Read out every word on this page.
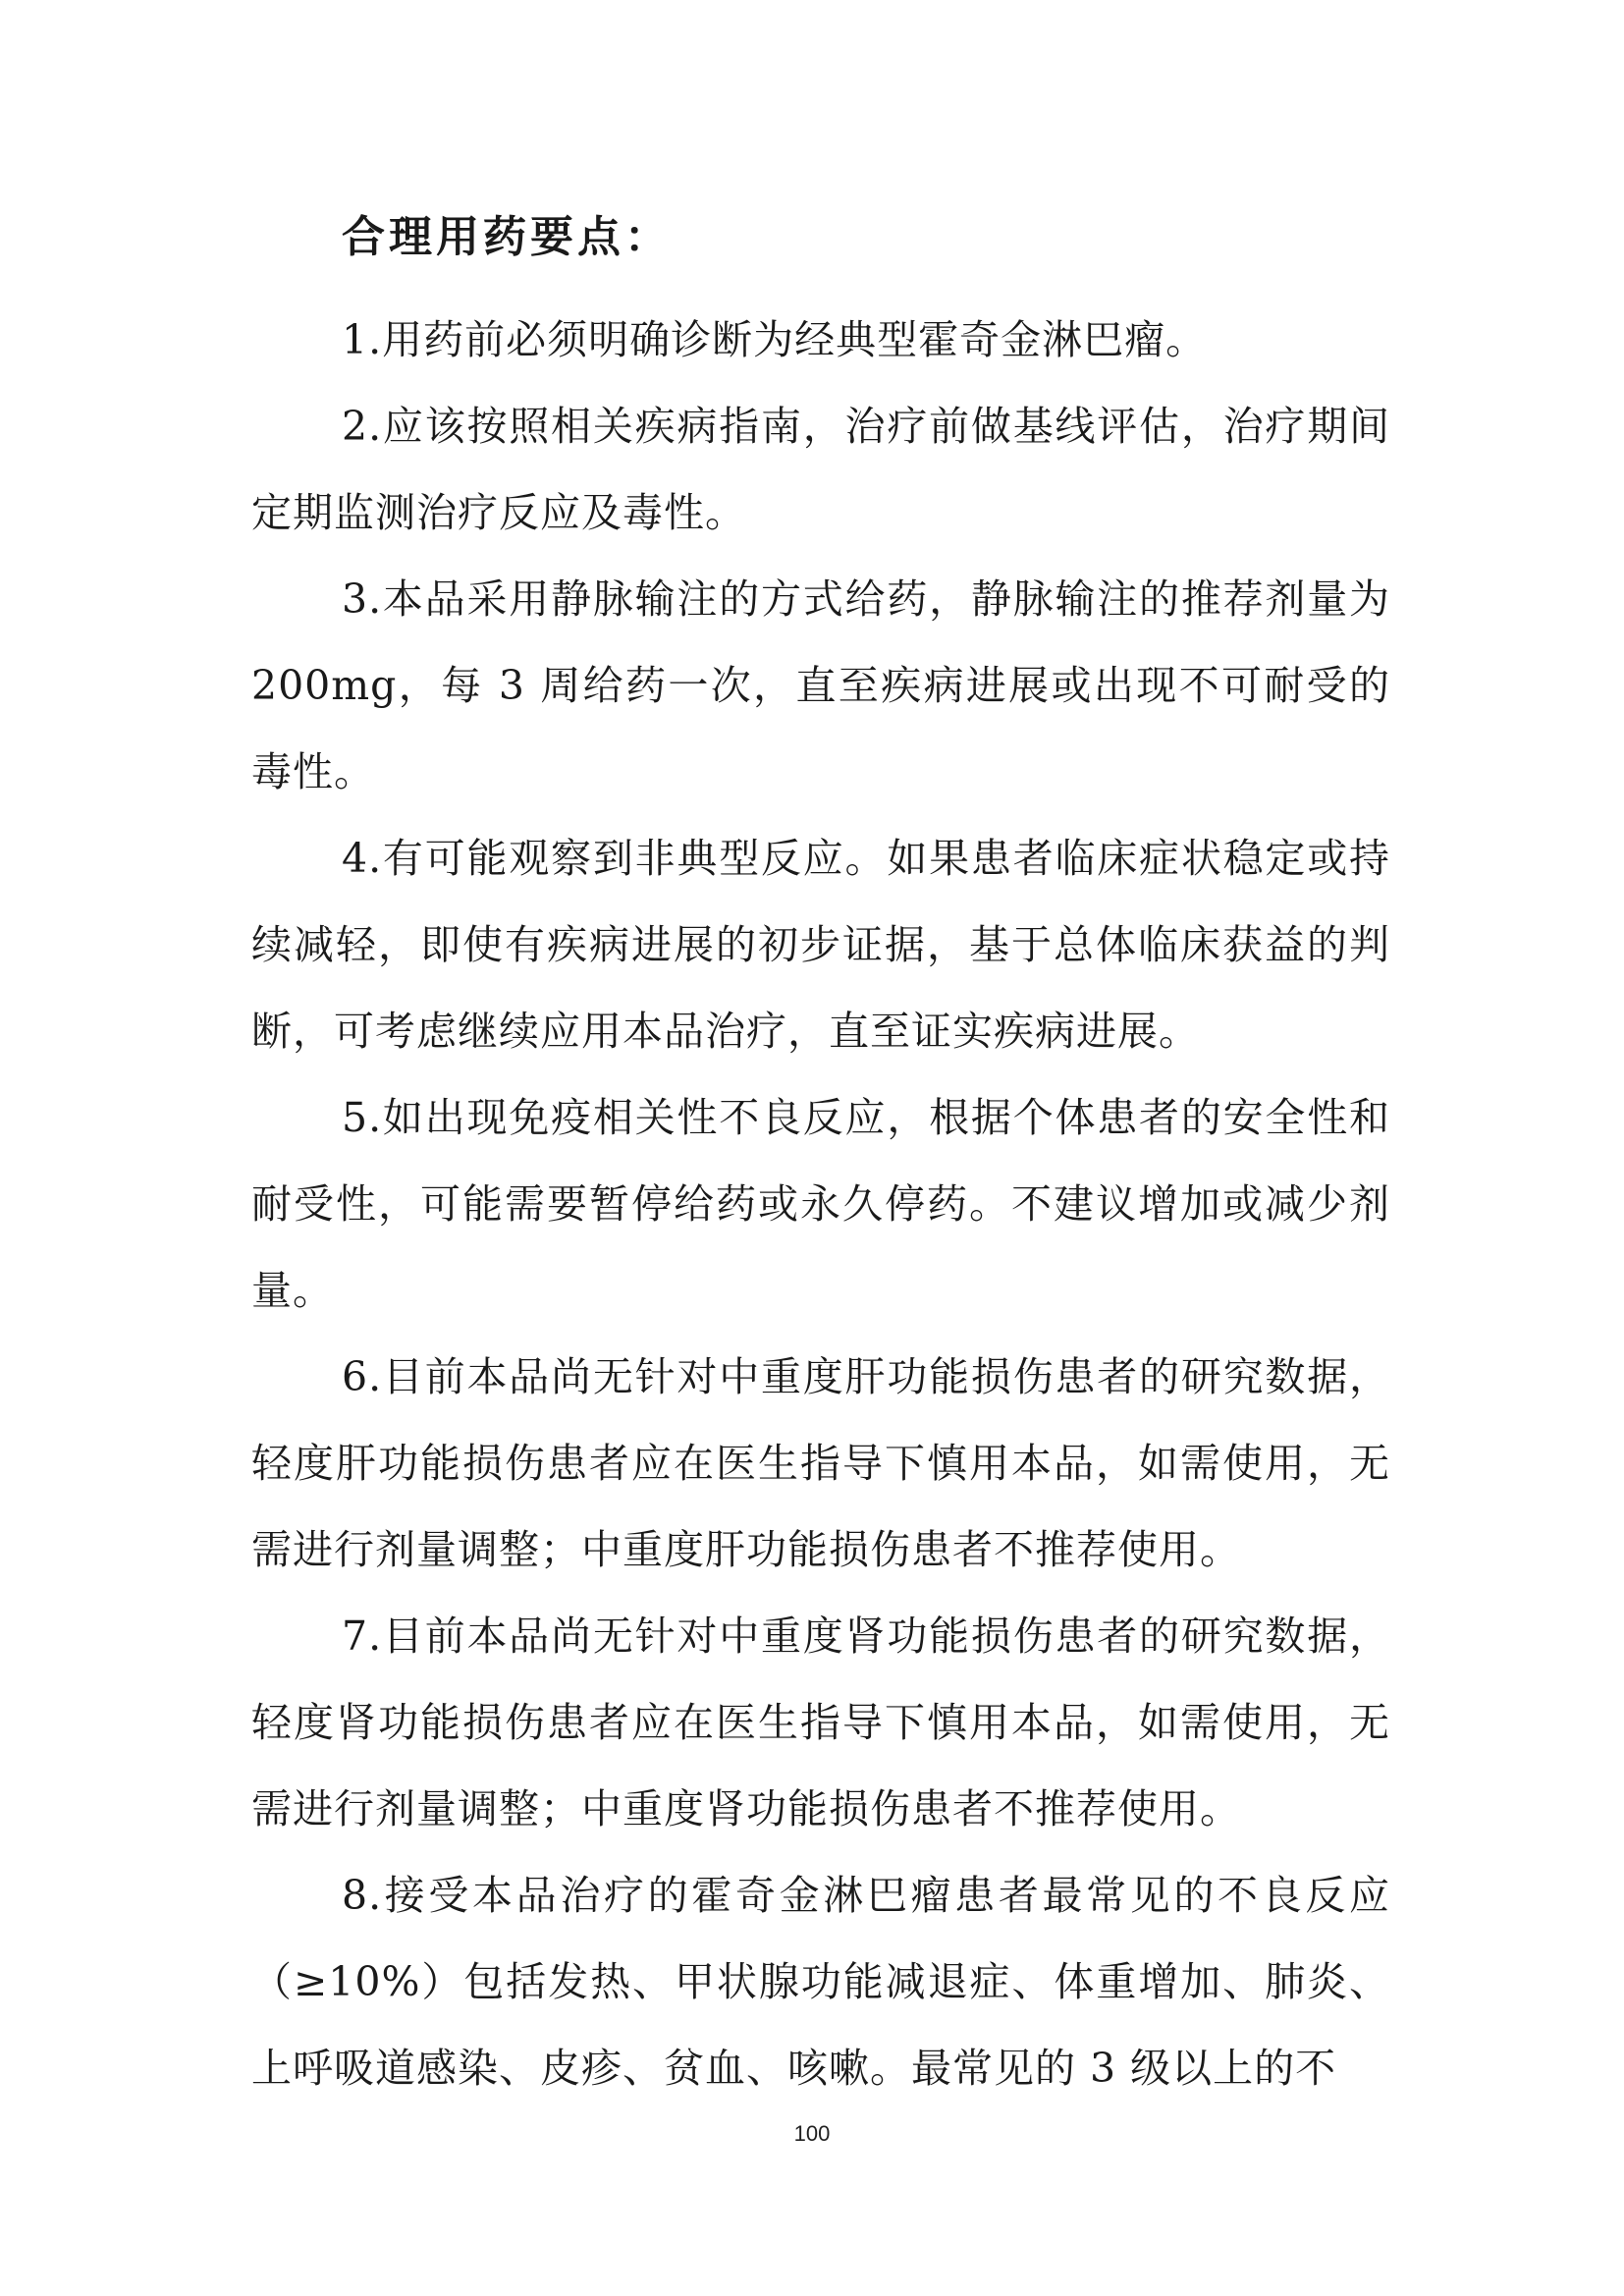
合理用药要点：

1.用药前必须明确诊断为经典型霍奇金淋巴瘤。

2.应该按照相关疾病指南，治疗前做基线评估，治疗期间定期监测治疗反应及毒性。

3.本品采用静脉输注的方式给药，静脉输注的推荐剂量为 200mg，每 3 周给药一次，直至疾病进展或出现不可耐受的毒性。

4.有可能观察到非典型反应。如果患者临床症状稳定或持续减轻，即使有疾病进展的初步证据，基于总体临床获益的判断，可考虑继续应用本品治疗，直至证实疾病进展。

5.如出现免疫相关性不良反应，根据个体患者的安全性和耐受性，可能需要暂停给药或永久停药。不建议增加或减少剂量。

6.目前本品尚无针对中重度肝功能损伤患者的研究数据，轻度肝功能损伤患者应在医生指导下慎用本品，如需使用，无需进行剂量调整；中重度肝功能损伤患者不推荐使用。

7.目前本品尚无针对中重度肾功能损伤患者的研究数据，轻度肾功能损伤患者应在医生指导下慎用本品，如需使用，无需进行剂量调整；中重度肾功能损伤患者不推荐使用。

8.接受本品治疗的霍奇金淋巴瘤患者最常见的不良反应（≥10%）包括发热、甲状腺功能减退症、体重增加、肺炎、上呼吸道感染、皮疹、贫血、咳嗽。最常见的 3 级以上的不

100
